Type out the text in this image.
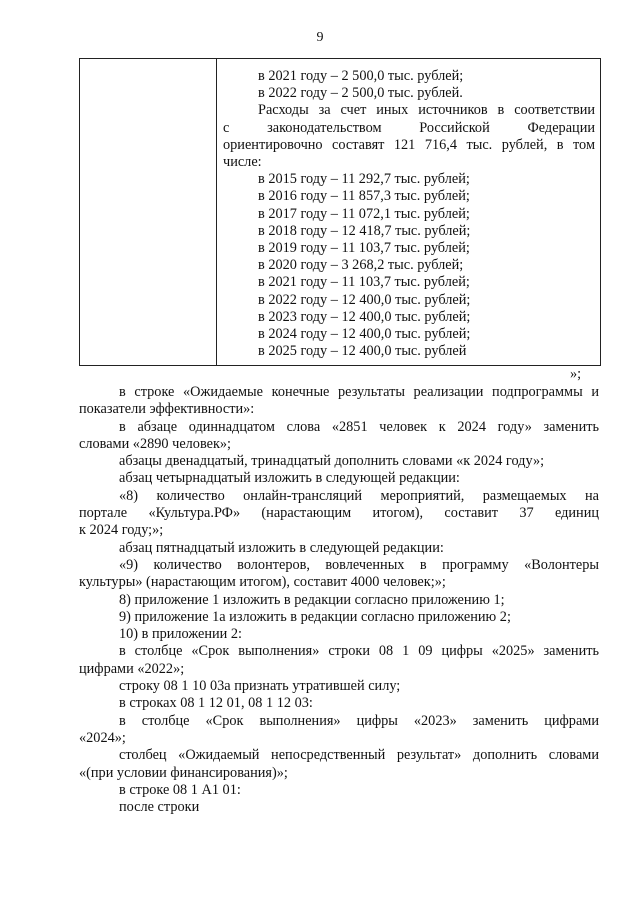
9
в 2021 году – 2 500,0 тыс. рублей;
в 2022 году – 2 500,0 тыс. рублей.
Расходы за счет иных источников в соответствии
с законодательством Российской Федерации
ориентировочно составят 121 716,4 тыс. рублей, в том
числе:
в 2015 году – 11 292,7 тыс. рублей;
в 2016 году – 11 857,3 тыс. рублей;
в 2017 году – 11 072,1 тыс. рублей;
в 2018 году – 12 418,7 тыс. рублей;
в 2019 году – 11 103,7 тыс. рублей;
в 2020 году – 3 268,2 тыс. рублей;
в 2021 году – 11 103,7 тыс. рублей;
в 2022 году – 12 400,0 тыс. рублей;
в 2023 году – 12 400,0 тыс. рублей;
в 2024 году – 12 400,0 тыс. рублей;
в 2025 году – 12 400,0 тыс. рублей
»;

в строке «Ожидаемые конечные результаты реализации подпрограммы и

показатели эффективности»:

в абзаце одиннадцатом слова «2851 человек к 2024 году» заменить

словами «2890 человек»;

абзацы двенадцатый, тринадцатый дополнить словами «к 2024 году»;

абзац четырнадцатый изложить в следующей редакции:

«8) количество онлайн-трансляций мероприятий, размещаемых на

портале «Культура.РФ» (нарастающим итогом), составит 37 единиц

к 2024 году;»;

абзац пятнадцатый изложить в следующей редакции:

«9) количество волонтеров, вовлеченных в программу «Волонтеры

культуры» (нарастающим итогом), составит 4000 человек;»;

8) приложение 1 изложить в редакции согласно приложению 1;

9) приложение 1а изложить в редакции согласно приложению 2;

10) в приложении 2:

в столбце «Срок выполнения» строки 08 1 09 цифры «2025» заменить

цифрами «2022»;

строку 08 1 10 03а признать утратившей силу;

в строках 08 1 12 01, 08 1 12 03:

в столбце «Срок выполнения» цифры «2023» заменить цифрами

«2024»;

столбец «Ожидаемый непосредственный результат» дополнить словами

«(при условии финансирования)»;

в строке 08 1 А1 01:

после строки
